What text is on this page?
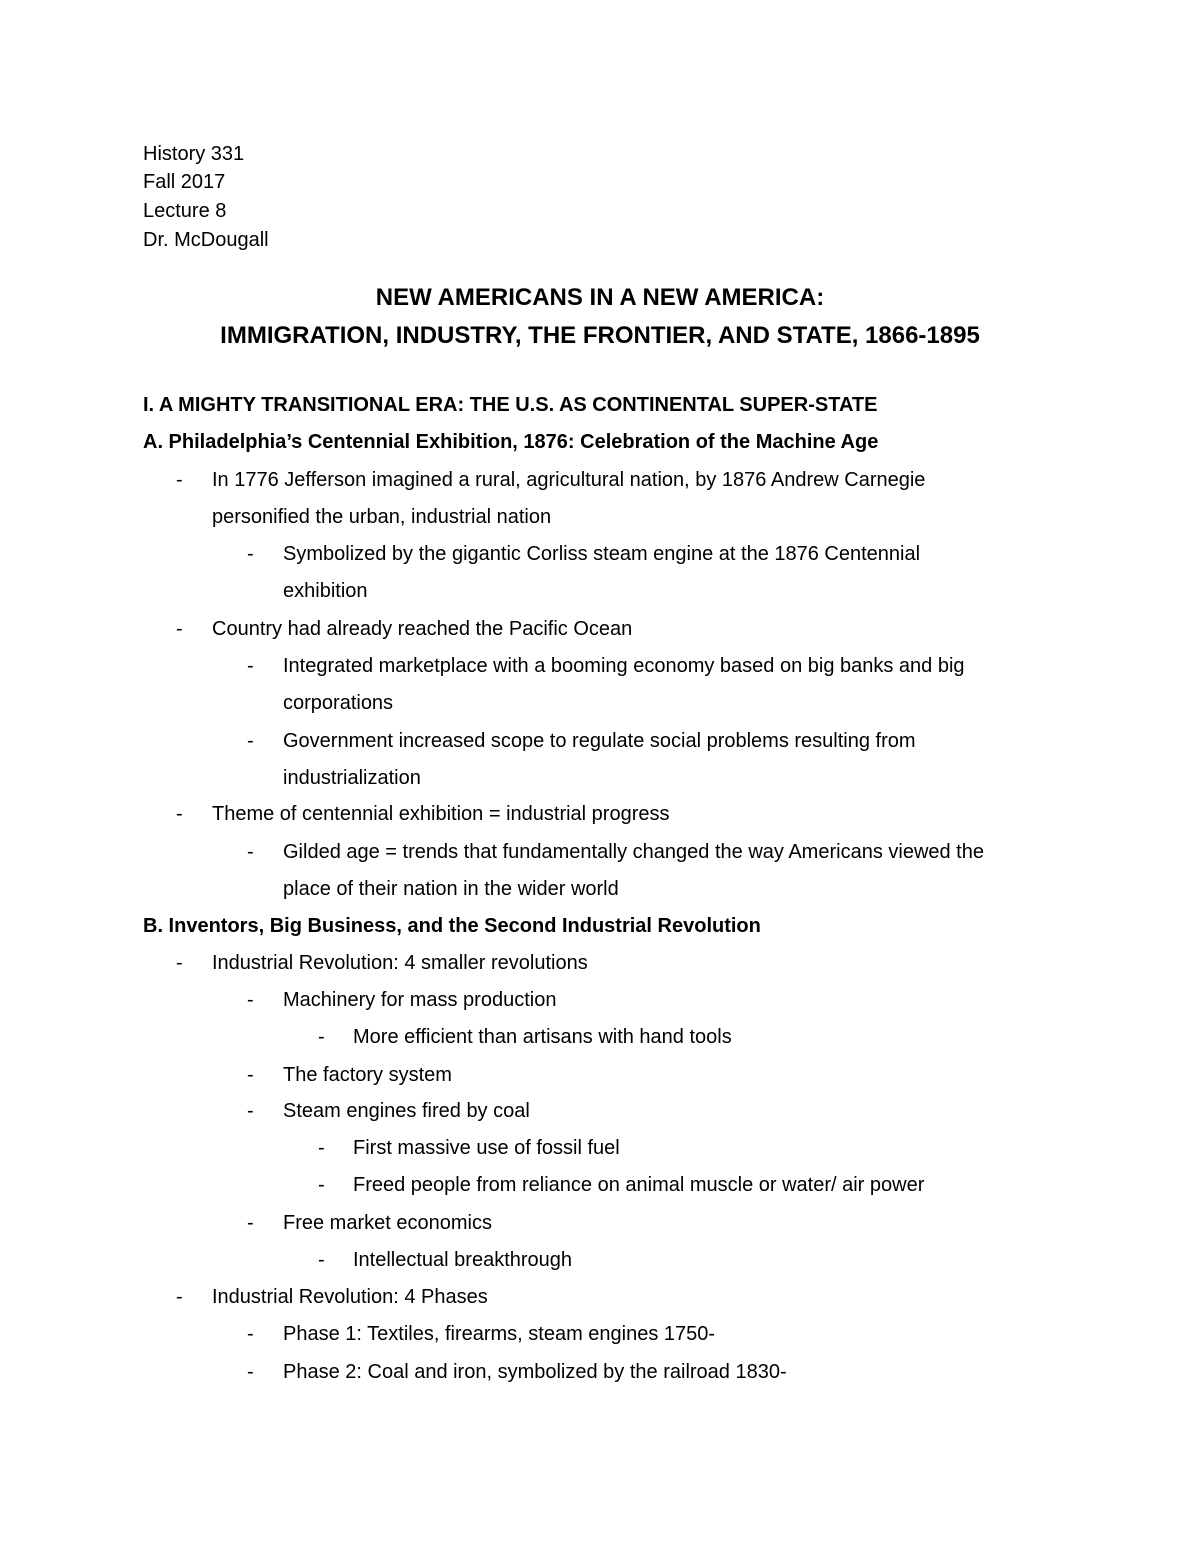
History 331
Fall 2017
Lecture 8
Dr. McDougall
NEW AMERICANS IN A NEW AMERICA:
IMMIGRATION, INDUSTRY, THE FRONTIER, AND STATE, 1866-1895
I. A MIGHTY TRANSITIONAL ERA: THE U.S. AS CONTINENTAL SUPER-STATE
A. Philadelphia’s Centennial Exhibition, 1876: Celebration of the Machine Age
- In 1776 Jefferson imagined a rural, agricultural nation, by 1876 Andrew Carnegie
personified the urban, industrial nation
- Symbolized by the gigantic Corliss steam engine at the 1876 Centennial
exhibition
- Country had already reached the Pacific Ocean
- Integrated marketplace with a booming economy based on big banks and big
corporations
- Government increased scope to regulate social problems resulting from
industrialization
- Theme of centennial exhibition = industrial progress
- Gilded age = trends that fundamentally changed the way Americans viewed the
place of their nation in the wider world
B. Inventors, Big Business, and the Second Industrial Revolution
- Industrial Revolution: 4 smaller revolutions
- Machinery for mass production
- More efficient than artisans with hand tools
- The factory system
- Steam engines fired by coal
- First massive use of fossil fuel
- Freed people from reliance on animal muscle or water/ air power
- Free market economics
- Intellectual breakthrough
- Industrial Revolution: 4 Phases
- Phase 1: Textiles, firearms, steam engines 1750-
- Phase 2: Coal and iron, symbolized by the railroad 1830-
